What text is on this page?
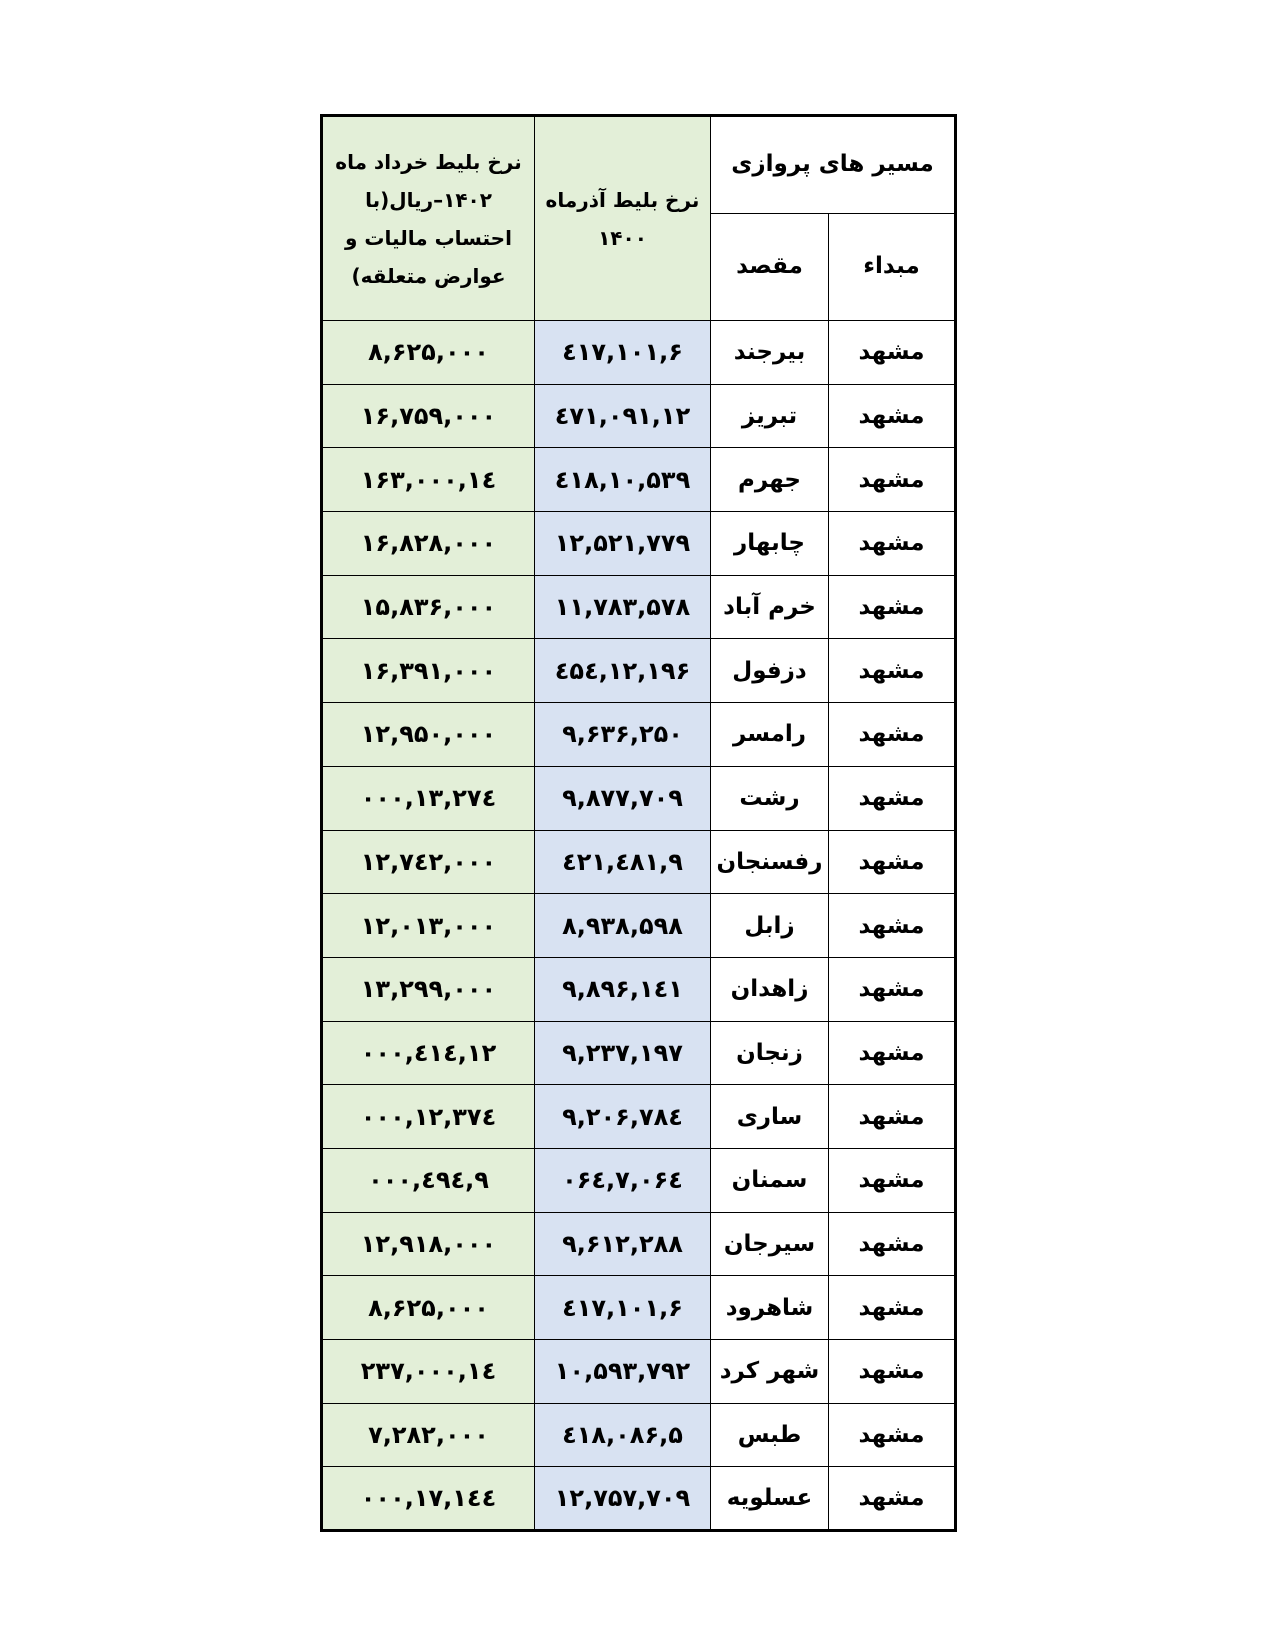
مسیر های پروازی		نرخ بلیط آذرماه ۱۴۰۰	نرخ بلیط خرداد ماه ۱۴۰۲–ریال(با احتساب مالیات و عوارض متعلقه)
مبداء	مقصد		
مشهد	بیرجند	۶,٤۱۷,۱۰۱	۸,۶۲۵,۰۰۰
مشهد	تبریز	۱۲,٤۷۱,۰۹۱	۱۶,۷۵۹,۰۰۰
مشهد	جهرم	۱۰,۵۳۹,٤۱۸	۱٤,۱۶۳,۰۰۰
مشهد	چابهار	۱۲,۵۲۱,۷۷۹	۱۶,۸۲۸,۰۰۰
مشهد	خرم آباد	۱۱,۷۸۳,۵۷۸	۱۵,۸۳۶,۰۰۰
مشهد	دزفول	۱۲,۱۹۶,٤۵٤	۱۶,۳۹۱,۰۰۰
مشهد	رامسر	۹,۶۳۶,۲۵۰	۱۲,۹۵۰,۰۰۰
مشهد	رشت	۹,۸۷۷,۷۰۹	۱۳,۲۷٤,۰۰۰
مشهد	رفسنجان	۹,٤۸۱,٤۲۱	۱۲,۷٤۲,۰۰۰
مشهد	زابل	۸,۹۳۸,۵۹۸	۱۲,۰۱۳,۰۰۰
مشهد	زاهدان	۹,۸۹۶,۱٤۱	۱۳,۲۹۹,۰۰۰
مشهد	زنجان	۹,۲۳۷,۱۹۷	۱۲,٤۱٤,۰۰۰
مشهد	ساری	۹,۲۰۶,۷۸٤	۱۲,۳۷٤,۰۰۰
مشهد	سمنان	۷,۰۶٤,۰۶٤	۹,٤۹٤,۰۰۰
مشهد	سیرجان	۹,۶۱۲,۲۸۸	۱۲,۹۱۸,۰۰۰
مشهد	شاهرود	۶,٤۱۷,۱۰۱	۸,۶۲۵,۰۰۰
مشهد	شهر کرد	۱۰,۵۹۳,۷۹۲	۱٤,۲۳۷,۰۰۰
مشهد	طبس	۵,٤۱۸,۰۸۶	۷,۲۸۲,۰۰۰
مشهد	عسلویه	۱۲,۷۵۷,۷۰۹	۱۷,۱٤٤,۰۰۰
